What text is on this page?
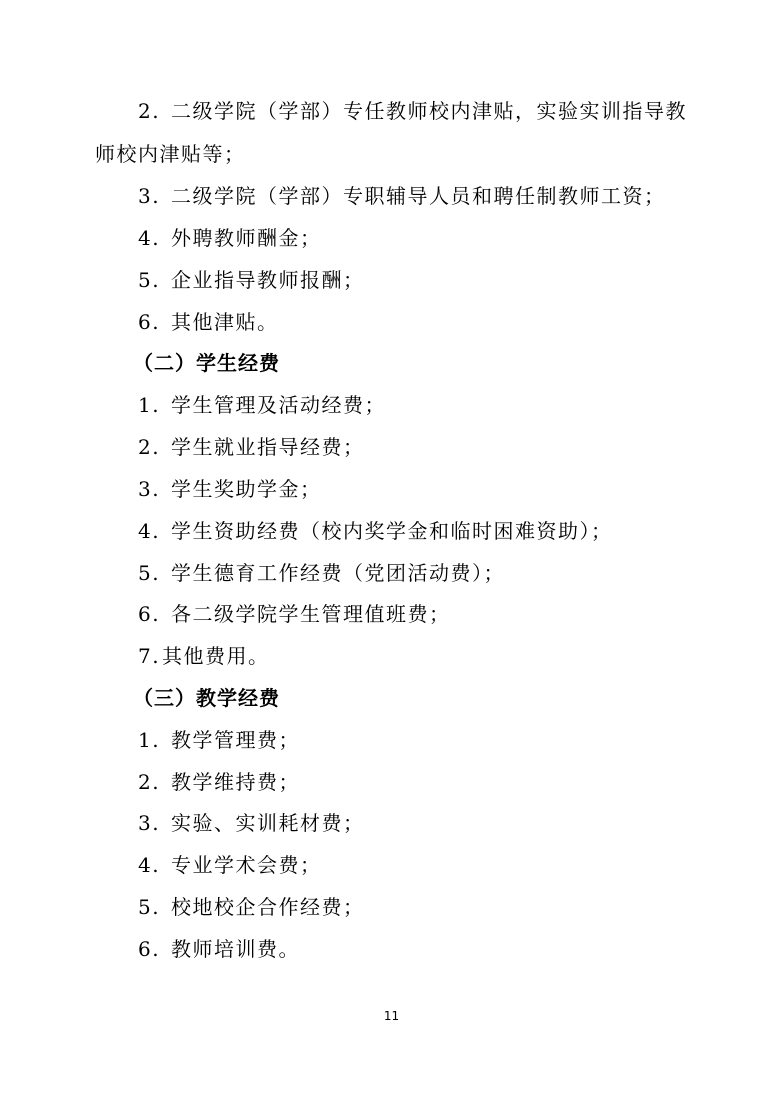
2. 二级学院（学部）专任教师校内津贴，实验实训指导教
师校内津贴等；
3. 二级学院（学部）专职辅导人员和聘任制教师工资；
4. 外聘教师酬金；
5. 企业指导教师报酬；
6. 其他津贴。
（二）学生经费
1. 学生管理及活动经费；
2. 学生就业指导经费；
3. 学生奖助学金；
4. 学生资助经费（校内奖学金和临时困难资助）；
5. 学生德育工作经费（党团活动费）；
6. 各二级学院学生管理值班费；
7.其他费用。
（三）教学经费
1. 教学管理费；
2. 教学维持费；
3. 实验、实训耗材费；
4. 专业学术会费；
5. 校地校企合作经费；
6. 教师培训费。
11
